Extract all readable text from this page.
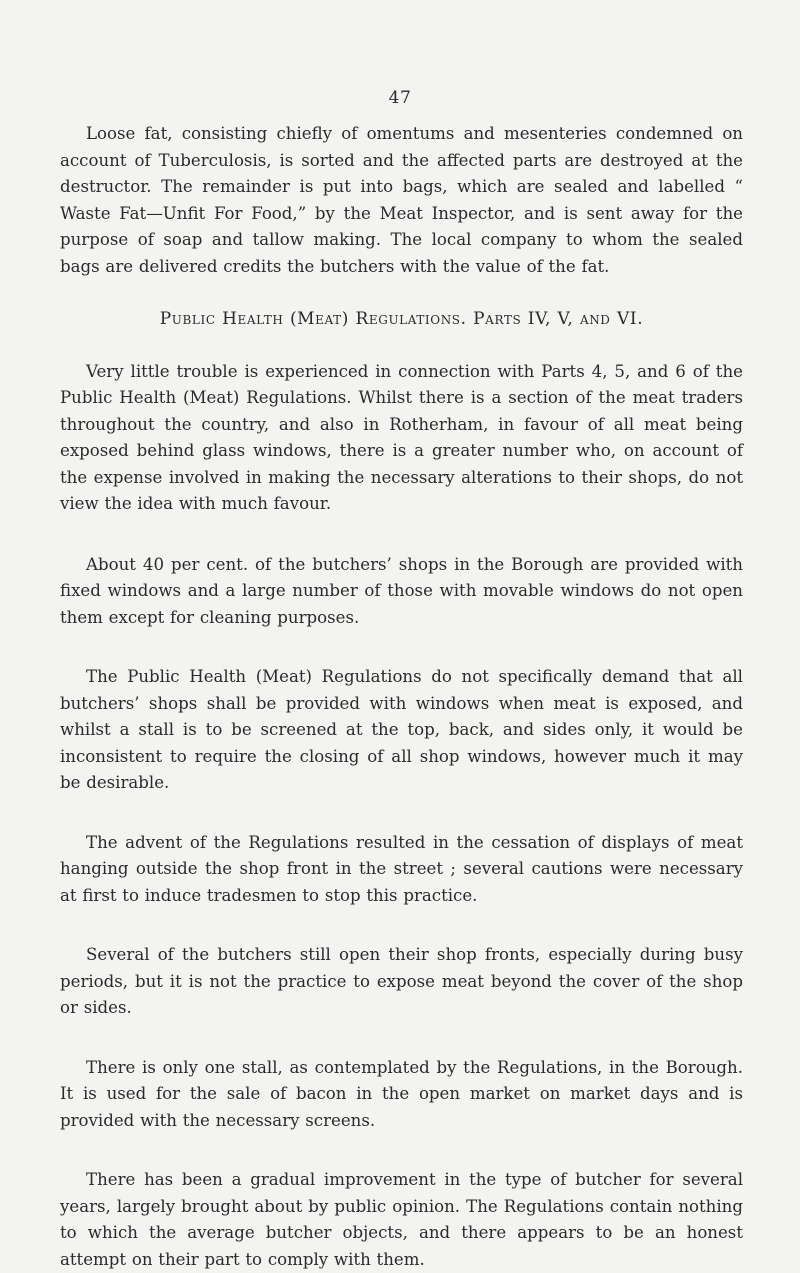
47

Loose fat, consisting chiefly of omentums and mesenteries condemned on account of Tuberculosis, is sorted and the affected parts are destroyed at the destructor. The remainder is put into bags, which are sealed and labelled “ Waste Fat—Unfit For Food,” by the Meat Inspector, and is sent away for the purpose of soap and tallow making. The local company to whom the sealed bags are delivered credits the butchers with the value of the fat.

Public Health (Meat) Regulations. Parts IV, V, and VI.

Very little trouble is experienced in connection with Parts 4, 5, and 6 of the Public Health (Meat) Regulations. Whilst there is a section of the meat traders throughout the country, and also in Rotherham, in favour of all meat being exposed behind glass windows, there is a greater number who, on account of the expense involved in making the necessary alterations to their shops, do not view the idea with much favour.

About 40 per cent. of the butchers’ shops in the Borough are provided with fixed windows and a large number of those with movable windows do not open them except for cleaning purposes.

The Public Health (Meat) Regulations do not specifically demand that all butchers’ shops shall be provided with windows when meat is exposed, and whilst a stall is to be screened at the top, back, and sides only, it would be inconsistent to require the closing of all shop windows, however much it may be desirable.

The advent of the Regulations resulted in the cessation of displays of meat hanging outside the shop front in the street ; several cautions were necessary at first to induce tradesmen to stop this practice.

Several of the butchers still open their shop fronts, especially during busy periods, but it is not the practice to expose meat beyond the cover of the shop or sides.

There is only one stall, as contemplated by the Regulations, in the Borough. It is used for the sale of bacon in the open market on market days and is provided with the necessary screens.

There has been a gradual improvement in the type of butcher for several years, largely brought about by public opinion. The Regulations contain nothing to which the average butcher objects, and there appears to be an honest attempt on their part to comply with them.
